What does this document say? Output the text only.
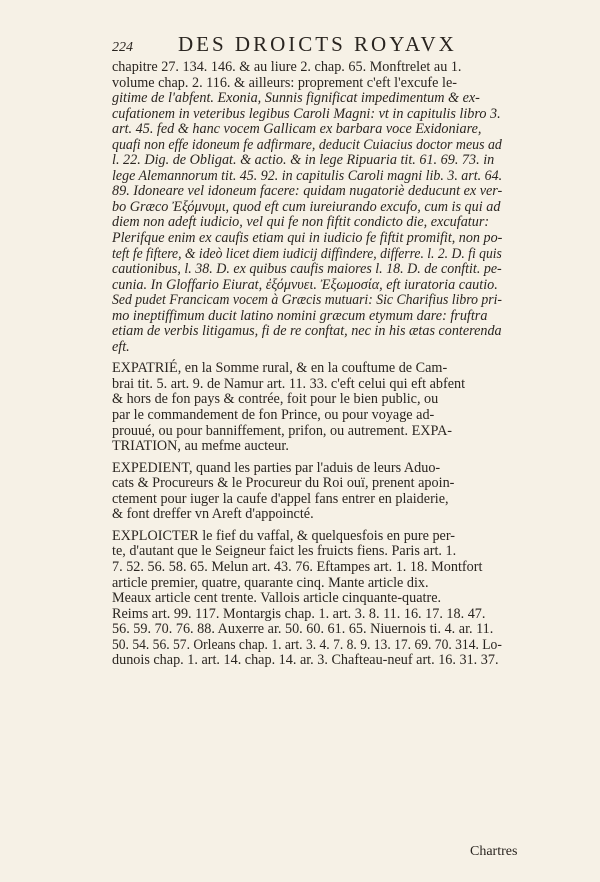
224 DES DROICTS ROYAVX
chapitre 27. 134. 146. & au liure 2. chap. 65. Monftrelet au 1.
volume chap. 2. 116. & ailleurs: proprement c'eft l'excufe le-
gitime de l'abfent. Exonia, Sunnis fignificat impedimentum & ex-
cufationem in veteribus legibus Caroli Magni: vt in capitulis libro 3.
art. 45. fed & hanc vocem Gallicam ex barbara voce Exidoniare,
quafi non effe idoneum fe adfirmare, deducit Cuiacius doctor meus ad
l. 22. Dig. de Obligat. & actio. & in lege Ripuaria tit. 61. 69. 73. in
lege Alemannorum tit. 45. 92. in capitulis Caroli magni lib. 3. art. 64.
89. Idoneare vel idoneum facere: quidam nugatoriè deducunt ex ver-
bo Græco Ἐξόμνυμι, quod eft cum iureiurando excufo, cum is qui ad
diem non adeft iudicio, vel qui fe non fiftit condicto die, excufatur:
Plerifque enim ex caufis etiam qui in iudicio fe fiftit promifit, non po-
teft fe fiftere, & ideò licet diem iudicij diffindere, differre. l. 2. D. fi quis
cautionibus, l. 38. D. ex quibus caufis maiores l. 18. D. de conftit. pe-
cunia. In Gloffario Eiurat, ἐξόμνυει. Ἐξωμοσία, eft iuratoria cautio.
Sed pudet Francicam vocem à Græcis mutuari: Sic Charifius libro pri-
mo ineptiffimum ducit latino nomini græcum etymum dare: fruftra
etiam de verbis litigamus, fi de re conftat, nec in his ætas conterenda
eft.
EXPATRIÉ, en la Somme rural, & en la couftume de Cam-
brai tit. 5. art. 9. de Namur art. 11. 33. c'eft celui qui eft abfent
& hors de fon pays & contrée, foit pour le bien public, ou
par le commandement de fon Prince, ou pour voyage ad-
prouué, ou pour banniffement, prifon, ou autrement. EXPA-
TRIATION, au mefme aucteur.
EXPEDIENT, quand les parties par l'aduis de leurs Aduo-
cats & Procureurs & le Procureur du Roi ouï, prenent apoin-
ctement pour iuger la caufe d'appel fans entrer en plaiderie,
& font dreffer vn Areft d'appoincté.
EXPLOICTER le fief du vaffal, & quelquesfois en pure per-
te, d'autant que le Seigneur faict les fruicts fiens. Paris art. 1.
7. 52. 56. 58. 65. Melun art. 43. 76. Eftampes art. 1. 18. Montfort
article premier, quatre, quarante cinq. Mante article dix.
Meaux article cent trente. Vallois article cinquante-quatre.
Reims art. 99. 117. Montargis chap. 1. art. 3. 8. 11. 16. 17. 18. 47.
56. 59. 70. 76. 88. Auxerre ar. 50. 60. 61. 65. Niuernois ti. 4. ar. 11.
50. 54. 56. 57. Orleans chap. 1. art. 3. 4. 7. 8. 9. 13. 17. 69. 70. 314. Lo-
dunois chap. 1. art. 14. chap. 14. ar. 3. Chafteau-neuf art. 16. 31. 37.
Chartres
